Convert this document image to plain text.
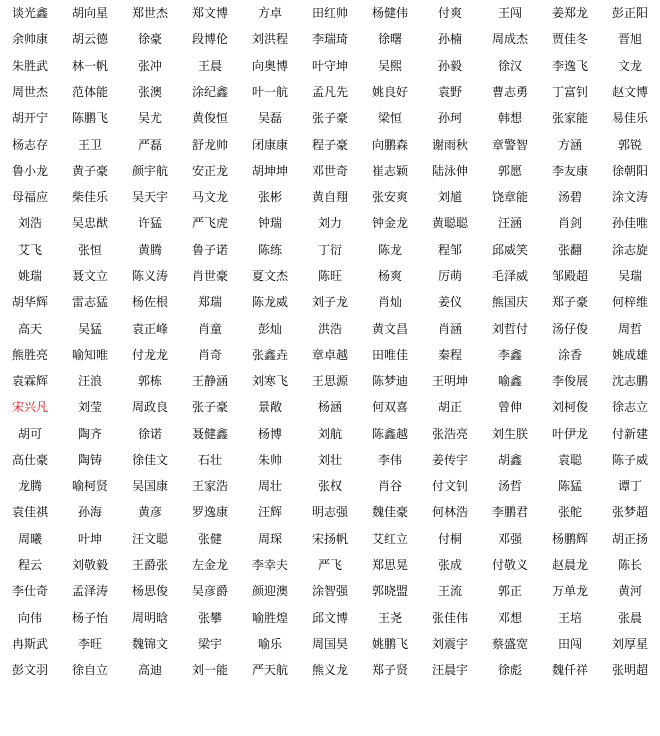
谈光鑫	胡向星	郑世杰	郑文博	方卓	田红帅	杨健伟	付爽	王闯	姜郑龙	彭正阳
余帅康	胡云德	徐豪	段博伦	刘洪程	李瑞琦	徐曙	孙楠	周成杰	贾佳冬	晋旭
朱胜武	林一帆	张冲	王晨	向奥博	叶守坤	吴熙	孙毅	徐汉	李逸飞	文龙
周世杰	范体能	张澳	涂纪鑫	叶一航	孟凡先	姚良好	袁野	曹志勇	丁富钊	赵文博
胡开宁	陈鹏飞	吴尤	黄俊恒	吴磊	张子豪	梁恒	孙珂	韩想	张家能	易佳乐
杨志存	王卫	严磊	舒龙帅	闭康康	程子豪	向鹏森	谢雨秋	章警智	方涵	郭锐
鲁小龙	黄子豪	颜宇航	安正龙	胡坤坤	邓世奇	崔志颖	陆泳伸	郭愿	李友康	徐朝阳
母福应	柴佳乐	吴天宇	马文龙	张彬	黄自翔	张安爽	刘馗	饶章能	汤碧	涂文涛
刘浩	吴忠猷	许猛	严飞虎	钟瑞	刘力	钟金龙	黄聪聪	汪涵	肖剑	孙佳唯
艾飞	张恒	黄腾	鲁子诺	陈练	丁衍	陈龙	程邹	邱威笑	张翻	涂志旋
姚瑞	聂文立	陈义涛	肖世豪	夏文杰	陈旺	杨爽	厉萌	毛泽威	邹殿超	吴瑞
胡华辉	雷志猛	杨佐根	郑瑞	陈龙威	刘子龙	肖灿	姜仪	熊国庆	郑子豪	何梓维
高天	吴猛	袁正峰	肖童	彭灿	洪浩	黄文昌	肖涵	刘哲付	汤仔俊	周哲
熊胜亮	喻知唯	付龙龙	肖奇	张鑫垚	章卓越	田唯佳	秦程	李鑫	涂香	姚成雄
袁霖辉	汪浪	郭栋	王静涵	刘寒飞	王思源	陈梦迪	王明坤	喻鑫	李俊展	沈志鹏
宋兴凡	刘莹	周政良	张子豪	景敞	杨涵	何双喜	胡正	曾伸	刘柯俊	徐志立
胡可	陶齐	徐诺	聂健鑫	杨博	刘航	陈鑫越	张浩亮	刘生朕	叶伊龙	付新建
高仕豪	陶铸	徐佳文	石壮	朱帅	刘壮	李伟	姜传宇	胡鑫	袁聪	陈子威
龙腾	喻柯贤	吴国康	王家浩	周壮	张权	肖谷	付文钊	汤哲	陈猛	谭丁
袁佳祺	孙海	黄彦	罗逸康	汪辉	明志强	魏佳豪	何林浩	李鹏君	张舵	张梦超
周曦	叶坤	汪文聪	张健	周琛	宋扬帆	艾红立	付桐	邓强	杨鹏辉	胡正扬
程云	刘敬毅	王爵张	左金龙	李幸夫	严飞	郑思晃	张成	付敬义	赵晨龙	陈长
李仕奇	孟泽涛	杨思俊	吴彦爵	颜迎澳	涂智强	郭晓盟	王流	郭正	万单龙	黄河
向伟	杨子怡	周明晗	张攀	喻胜煌	邱文博	王尧	张佳伟	邓想	王培	张晨
冉斯武	李旺	魏锦文	梁宇	喻乐	周国昊	姚鹏飞	刘震宇	蔡盛宽	田闯	刘厚星
彭文羽	徐自立	高迪	刘一能	严天航	熊义龙	郑子贤	汪晨宇	徐彪	魏仟祥	张明超
